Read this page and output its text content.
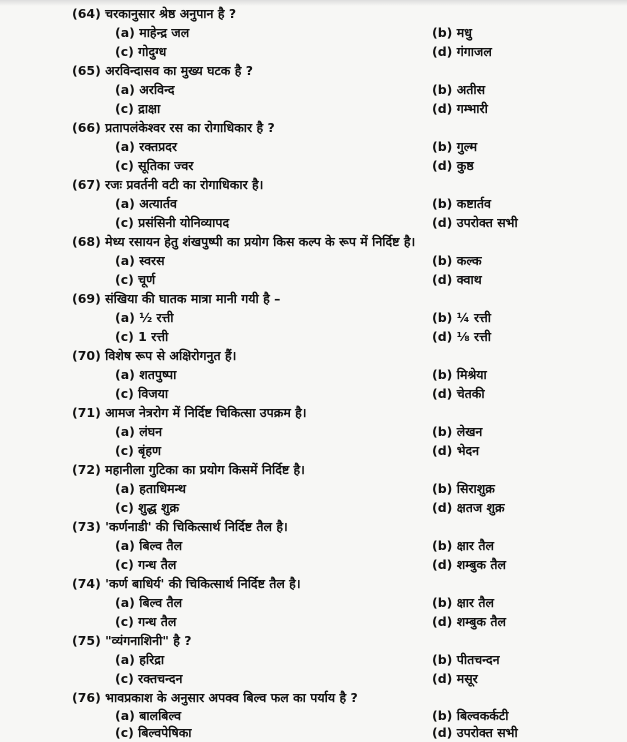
(64) चरकानुसार श्रेष्ठ अनुपान है ?
(a) माहेन्द्र जल	(b) मधु
(c) गोदुग्ध	(d) गंगाजल
(65) अरविन्दासव का मुख्य घटक है ?
(a) अरविन्द	(b) अतीस
(c) द्राक्षा	(d) गम्भारी
(66) प्रतापलंकेश्वर रस का रोगाधिकार है ?
(a) रक्तप्रदर	(b) गुल्म
(c) सूतिका ज्वर	(d) कुष्ठ
(67) रजः प्रवर्तनी वटी का रोगाधिकार है।
(a) अत्यार्तव	(b) कष्टार्तव
(c) प्रसंसिनी योनिव्यापद	(d) उपरोक्त सभी
(68) मेध्य रसायन हेतु शंखपुष्पी का प्रयोग किस कल्प के रूप में निर्दिष्ट है।
(a) स्वरस	(b) कल्क
(c) चूर्ण	(d) क्वाथ
(69) संखिया की घातक मात्रा मानी गयी है –
(a) ½ रत्ती	(b) ¼ रत्ती
(c) 1 रत्ती	(d) ⅛ रत्ती
(70) विशेष रूप से अक्षिरोगनुत हैं।
(a) शतपुष्पा	(b) मिश्रेया
(c) विजया	(d) चेतकी
(71) आमज नेत्ररोग में निर्दिष्ट चिकित्सा उपक्रम है।
(a) लंघन	(b) लेखन
(c) बृंहण	(d) भेदन
(72) महानीला गुटिका का प्रयोग किसमें निर्दिष्ट है।
(a) हताधिमन्थ	(b) सिराशुक्र
(c) शुद्ध शुक्र	(d) क्षतज शुक्र
(73) 'कर्णनाडी' की चिकित्सार्थ निर्दिष्ट तैल है।
(a) बिल्व तैल	(b) क्षार तैल
(c) गन्ध तैल	(d) शम्बुक तैल
(74) 'कर्ण बाधिर्य' की चिकित्सार्थ निर्दिष्ट तैल है।
(a) बिल्व तैल	(b) क्षार तैल
(c) गन्ध तैल	(d) शम्बुक तैल
(75) "व्यंगनाशिनी" है ?
(a) हरिद्रा	(b) पीतचन्दन
(c) रक्तचन्दन	(d) मसूर
(76) भावप्रकाश के अनुसार अपक्व बिल्व फल का पर्याय है ?
(a) बालबिल्व	(b) बिल्वकर्कटी
(c) बिल्वपेषिका	(d) उपरोक्त सभी
